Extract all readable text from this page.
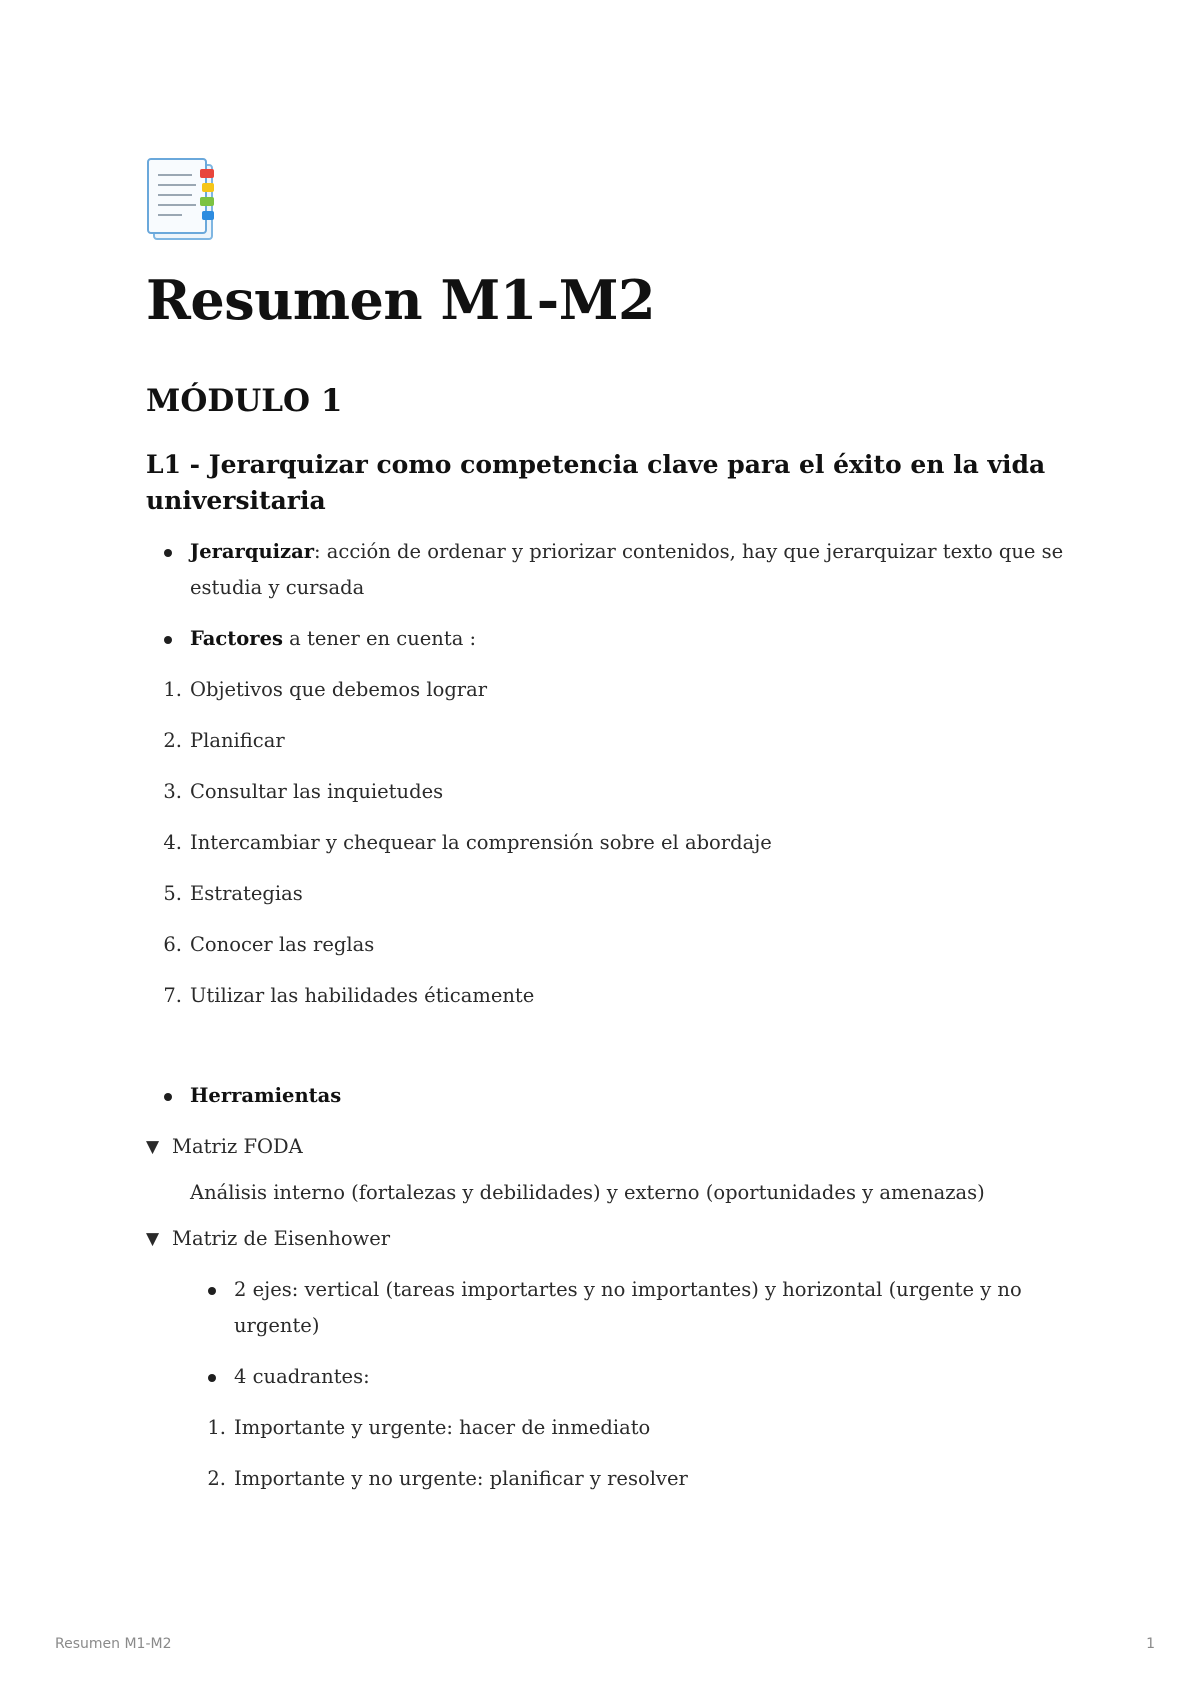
Resumen M1-M2
MÓDULO 1
L1 - Jerarquizar como competencia clave para el éxito en la vida universitaria
Jerarquizar: acción de ordenar y priorizar contenidos, hay que jerarquizar texto que se estudia y cursada
Factores a tener en cuenta :
1. Objetivos que debemos lograr
2. Planificar
3. Consultar las inquietudes
4. Intercambiar y chequear la comprensión sobre el abordaje
5. Estrategias
6. Conocer las reglas
7. Utilizar las habilidades éticamente
Herramientas
▼ Matriz FODA
Análisis interno (fortalezas y debilidades) y externo (oportunidades y amenazas)
▼ Matriz de Eisenhower
2 ejes: vertical (tareas importartes y no importantes) y horizontal (urgente y no urgente)
4 cuadrantes:
1. Importante y urgente: hacer de inmediato
2. Importante y no urgente: planificar y resolver
Resumen M1-M2	1
